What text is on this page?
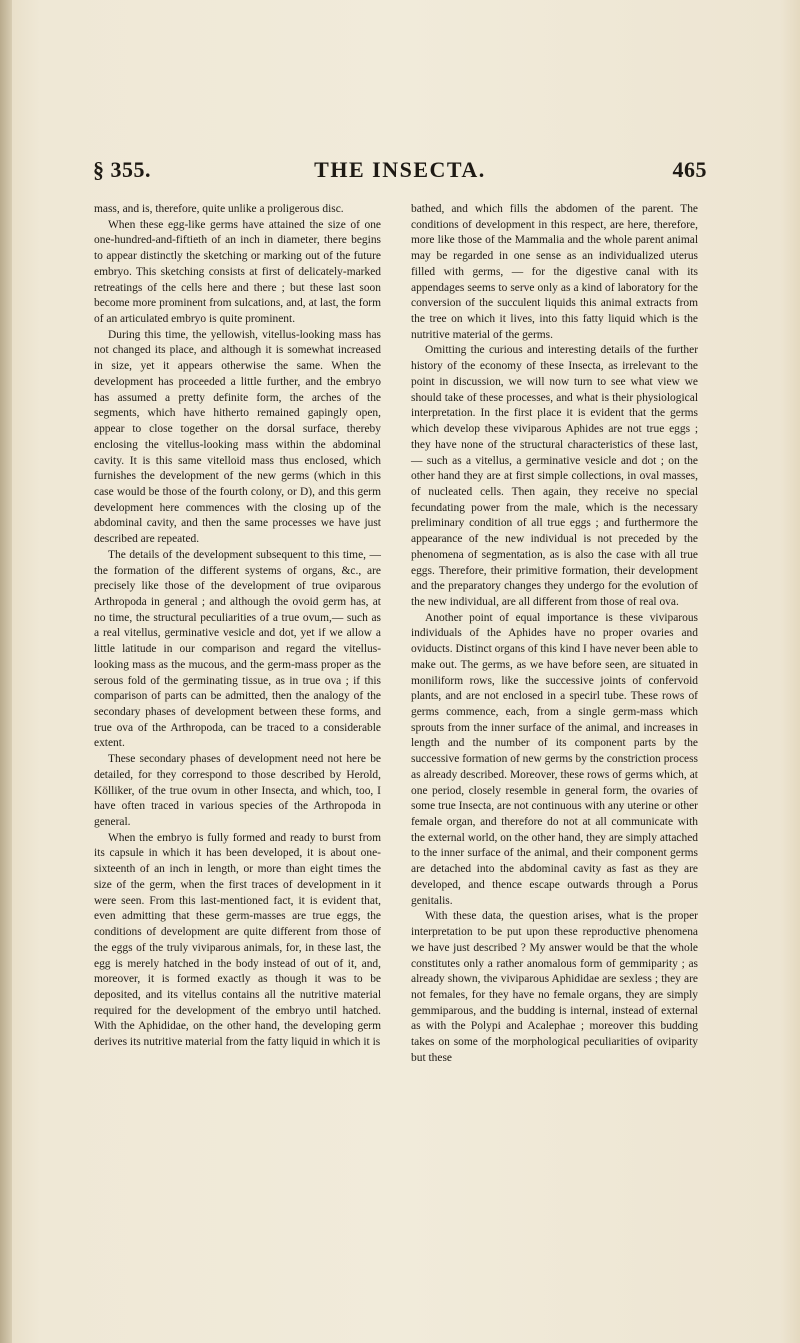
§ 355.	THE INSECTA.	465

mass, and is, therefore, quite unlike a proligerous disc.

When these egg-like germs have attained the size of one one-hundred-and-fiftieth of an inch in diameter, there begins to appear distinctly the sketching or marking out of the future embryo. This sketching consists at first of delicately-marked retreatings of the cells here and there ; but these last soon become more prominent from sulcations, and, at last, the form of an articulated embryo is quite prominent.

During this time, the yellowish, vitellus-looking mass has not changed its place, and although it is somewhat increased in size, yet it appears otherwise the same. When the development has proceeded a little further, and the embryo has assumed a pretty definite form, the arches of the segments, which have hitherto remained gapingly open, appear to close together on the dorsal surface, thereby enclosing the vitellus-looking mass within the abdominal cavity. It is this same vitelloid mass thus enclosed, which furnishes the development of the new germs (which in this case would be those of the fourth colony, or D), and this germ development here commences with the closing up of the abdominal cavity, and then the same processes we have just described are repeated.

The details of the development subsequent to this time, — the formation of the different systems of organs, &c., are precisely like those of the development of true oviparous Arthropoda in general ; and although the ovoid germ has, at no time, the structural peculiarities of a true ovum,— such as a real vitellus, germinative vesicle and dot, yet if we allow a little latitude in our comparison and regard the vitellus-looking mass as the mucous, and the germ-mass proper as the serous fold of the germinating tissue, as in true ova ; if this comparison of parts can be admitted, then the analogy of the secondary phases of development between these forms, and true ova of the Arthropoda, can be traced to a considerable extent.

These secondary phases of development need not here be detailed, for they correspond to those described by Herold, Kölliker, of the true ovum in other Insecta, and which, too, I have often traced in various species of the Arthropoda in general.

When the embryo is fully formed and ready to burst from its capsule in which it has been developed, it is about one-sixteenth of an inch in length, or more than eight times the size of the germ, when the first traces of development in it were seen. From this last-mentioned fact, it is evident that, even admitting that these germ-masses are true eggs, the conditions of development are quite different from those of the eggs of the truly viviparous animals, for, in these last, the egg is merely hatched in the body instead of out of it, and, moreover, it is formed exactly as though it was to be deposited, and its vitellus contains all the nutritive material required for the development of the embryo until hatched. With the Aphididae, on the other hand, the developing germ derives its nutritive material from the fatty liquid in which it is

bathed, and which fills the abdomen of the parent. The conditions of development in this respect, are here, therefore, more like those of the Mammalia and the whole parent animal may be regarded in one sense as an individualized uterus filled with germs, — for the digestive canal with its appendages seems to serve only as a kind of laboratory for the conversion of the succulent liquids this animal extracts from the tree on which it lives, into this fatty liquid which is the nutritive material of the germs.

Omitting the curious and interesting details of the further history of the economy of these Insecta, as irrelevant to the point in discussion, we will now turn to see what view we should take of these processes, and what is their physiological interpretation. In the first place it is evident that the germs which develop these viviparous Aphides are not true eggs ; they have none of the structural characteristics of these last, — such as a vitellus, a germinative vesicle and dot ; on the other hand they are at first simple collections, in oval masses, of nucleated cells. Then again, they receive no special fecundating power from the male, which is the necessary preliminary condition of all true eggs ; and furthermore the appearance of the new individual is not preceded by the phenomena of segmentation, as is also the case with all true eggs. Therefore, their primitive formation, their development and the preparatory changes they undergo for the evolution of the new individual, are all different from those of real ova.

Another point of equal importance is these viviparous individuals of the Aphides have no proper ovaries and oviducts. Distinct organs of this kind I have never been able to make out. The germs, as we have before seen, are situated in moniliform rows, like the successive joints of confervoid plants, and are not enclosed in a specirl tube. These rows of germs commence, each, from a single germ-mass which sprouts from the inner surface of the animal, and increases in length and the number of its component parts by the successive formation of new germs by the constriction process as already described. Moreover, these rows of germs which, at one period, closely resemble in general form, the ovaries of some true Insecta, are not continuous with any uterine or other female organ, and therefore do not at all communicate with the external world, on the other hand, they are simply attached to the inner surface of the animal, and their component germs are detached into the abdominal cavity as fast as they are developed, and thence escape outwards through a Porus genitalis.

With these data, the question arises, what is the proper interpretation to be put upon these reproductive phenomena we have just described ? My answer would be that the whole constitutes only a rather anomalous form of gemmiparity ; as already shown, the viviparous Aphididae are sexless ; they are not females, for they have no female organs, they are simply gemmiparous, and the budding is internal, instead of external as with the Polypi and Acalephae ; moreover this budding takes on some of the morphological peculiarities of oviparity but these
